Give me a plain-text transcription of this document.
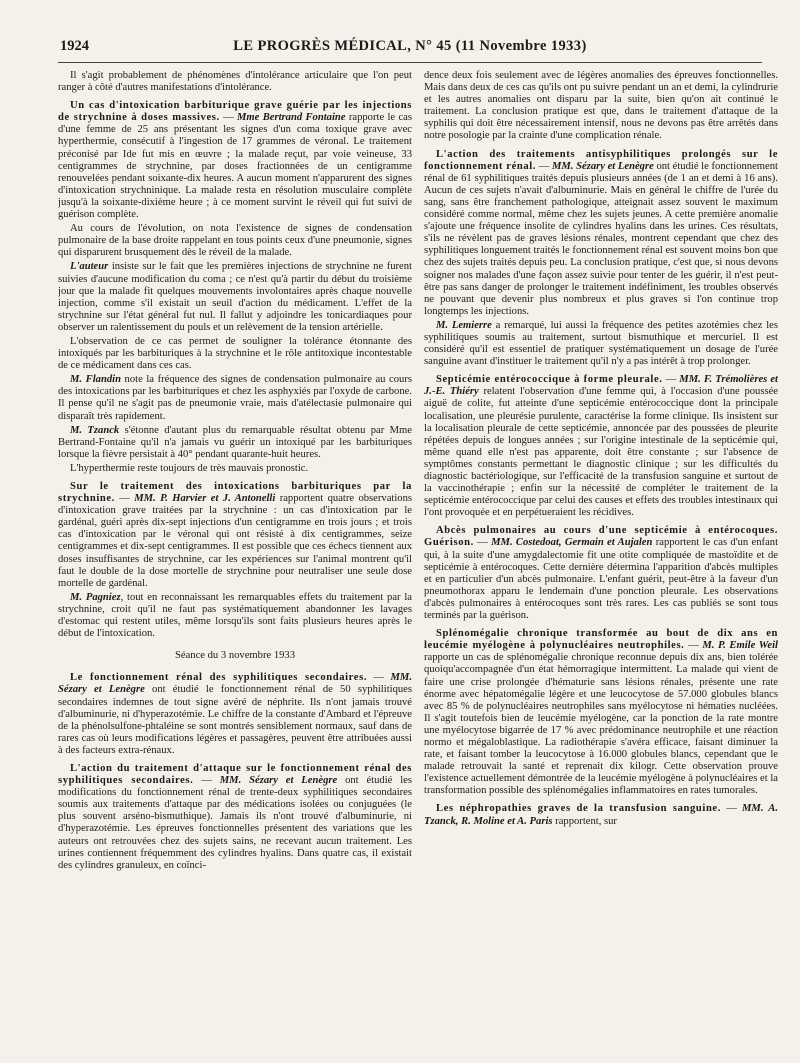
1924	LE PROGRÈS MÉDICAL, N° 45 (11 Novembre 1933)

Il s'agit probablement de phénomènes d'intolérance articulaire que l'on peut ranger à côté d'autres manifestations d'intolérance.

Un cas d'intoxication barbiturique grave guérie par les injections de strychnine à doses massives. — Mme Bertrand Fontaine rapporte le cas d'une femme de 25 ans présentant les signes d'un coma toxique grave avec hyperthermie, consécutif à l'ingestion de 17 grammes de véronal. Le traitement préconisé par Ide fut mis en œuvre ; la malade reçut, par voie veineuse, 33 centigrammes de strychnine, par doses fractionnées de un centigramme renouvelées pendant soixante-dix heures. A aucun moment n'apparurent des signes d'intoxication strychninique. La malade resta en résolution musculaire complète jusqu'à la soixante-dixième heure ; à ce moment survint le réveil qui fut suivi de guérison complète.

Au cours de l'évolution, on nota l'existence de signes de condensation pulmonaire de la base droite rappelant en tous points ceux d'une pneumonie, signes qui disparurent brusquement dès le réveil de la malade.

L'auteur insiste sur le fait que les premières injections de strychnine ne furent suivies d'aucune modification du coma ; ce n'est qu'à partir du début du troisième jour que la malade fit quelques mouvements involontaires après chaque nouvelle injection, comme s'il existait un seuil d'action du médicament. L'effet de la strychnine sur l'état général fut nul. Il fallut y adjoindre les tonicardiaques pour observer un ralentissement du pouls et un relèvement de la tension artérielle.

L'observation de ce cas permet de souligner la tolérance étonnante des intoxiqués par les barbituriques à la strychnine et le rôle antitoxique incontestable de ce médicament dans ces cas.

M. Flandin note la fréquence des signes de condensation pulmonaire au cours des intoxications par les barbituriques et chez les asphyxiés par l'oxyde de carbone. Il pense qu'il ne s'agit pas de pneumonie vraie, mais d'atélectasie pulmonaire qui disparaît très rapidement.

M. Tzanck s'étonne d'autant plus du remarquable résultat obtenu par Mme Bertrand-Fontaine qu'il n'a jamais vu guérir un intoxiqué par les barbituriques lorsque la fièvre persistait à 40° pendant quarante-huit heures.

L'hyperthermie reste toujours de très mauvais pronostic.

Sur le traitement des intoxications barbituriques par la strychnine. — MM. P. Harvier et J. Antonelli rapportent quatre observations d'intoxication grave traitées par la strychnine : un cas d'intoxication par le gardénal, guéri après dix-sept injections d'un centigramme en trois jours ; et trois cas d'intoxication par le véronal qui ont résisté à dix centigrammes, seize centigrammes et dix-sept centigrammes. Il est possible que ces échecs tiennent aux doses insuffisantes de strychnine, car les expériences sur l'animal montrent qu'il faut le double de la dose mortelle de strychnine pour neutraliser une seule dose mortelle de gardénal.

M. Pagniez, tout en reconnaissant les remarquables effets du traitement par la strychnine, croit qu'il ne faut pas systématiquement abandonner les lavages d'estomac qui restent utiles, même lorsqu'ils sont faits plusieurs heures après le début de l'intoxication.

Séance du 3 novembre 1933

Le fonctionnement rénal des syphilitiques secondaires. — MM. Sézary et Lenègre ont étudié le fonctionnement rénal de 50 syphilitiques secondaires indemnes de tout signe avéré de néphrite. Ils n'ont jamais trouvé d'albuminurie, ni d'hyperazotémie. Le chiffre de la constante d'Ambard et l'épreuve de la phénolsulfone-phtaléine se sont montrés sensiblement normaux, sauf dans de rares cas où leurs modifications légères et passagères, peuvent être attribuées aussi à des facteurs extra-rénaux.

L'action du traitement d'attaque sur le fonctionnement rénal des syphilitiques secondaires. — MM. Sézary et Lenègre ont étudié les modifications du fonctionnement rénal de trente-deux syphilitiques secondaires soumis aux traitements d'attaque par des médications isolées ou conjuguées (le plus souvent arséno-bismuthique). Jamais ils n'ont trouvé d'albuminurie, ni d'hyperazotémie. Les épreuves fonctionnelles présentent des variations que les auteurs ont retrouvées chez des sujets sains, ne recevant aucun traitement. Les urines contiennent fréquemment des cylindres hyalins. Dans quatre cas, il existait des cylindres granuleux, en coïnci-

dence deux fois seulement avec de légères anomalies des épreuves fonctionnelles. Mais dans deux de ces cas qu'ils ont pu suivre pendant un an et demi, la cylindrurie et les autres anomalies ont disparu par la suite, bien qu'on ait continué le traitement. La conclusion pratique est que, dans le traitement d'attaque de la syphilis qui doit être nécessairement intensif, nous ne devons pas être arrêtés dans notre posologie par la crainte d'une complication rénale.

L'action des traitements antisyphilitiques prolongés sur le fonctionnement rénal. — MM. Sézary et Lenègre ont étudié le fonctionnement rénal de 61 syphilitiques traités depuis plusieurs années (de 1 an et demi à 16 ans). Aucun de ces sujets n'avait d'albuminurie. Mais en général le chiffre de l'urée du sang, sans être franchement pathologique, atteignait assez souvent le maximum considéré comme normal, même chez les sujets jeunes. A cette première anomalie s'ajoute une fréquence insolite de cylindres hyalins dans les urines. Ces résultats, s'ils ne révèlent pas de graves lésions rénales, montrent cependant que chez des syphilitiques longuement traités le fonctionnement rénal est souvent moins bon que chez des sujets traités depuis peu. La conclusion pratique, c'est que, si nous devons soigner nos malades d'une façon assez suivie pour tenter de les guérir, il n'est peut-être pas sans danger de prolonger le traitement indéfiniment, les troubles observés ne pouvant que devenir plus nombreux et plus graves si l'on continue trop longtemps les injections.

M. Lemierre a remarqué, lui aussi la fréquence des petites azotémies chez les syphilitiques soumis au traitement, surtout bismuthique et mercuriel. Il est considéré qu'il est essentiel de pratiquer systématiquement un dosage de l'urée sanguine avant d'instituer le traitement qu'il n'y a pas intérêt à trop prolonger.

Septicémie entérococcique à forme pleurale. — MM. F. Trémolières et J.-E. Thiéry relatent l'observation d'une femme qui, à l'occasion d'une poussée aiguë de colite, fut atteinte d'une septicémie entérococcique dont la principale localisation, une pleurésie purulente, caractérise la forme clinique. Ils insistent sur la localisation pleurale de cette septicémie, annoncée par des poussées de pleurite répétées depuis de longues années ; sur l'origine intestinale de la septicémie qui, même quand elle n'est pas apparente, doit être constante ; sur l'absence de symptômes constants permettant le diagnostic clinique ; sur les difficultés du diagnostic bactériologique, sur l'efficacité de la transfusion sanguine et surtout de la vaccinothérapie ; enfin sur la nécessité de compléter le traitement de la septicémie entérococcique par celui des causes et effets des troubles intestinaux qui l'ont provoquée et en perpétueraient les récidives.

Abcès pulmonaires au cours d'une septicémie à entérocoques. Guérison. — MM. Costedoat, Germain et Aujalen rapportent le cas d'un enfant qui, à la suite d'une amygdalectomie fit une otite compliquée de mastoïdite et de septicémie à entérocoques. Cette dernière détermina l'apparition d'abcès multiples et en particulier d'un abcès pulmonaire. L'enfant guérit, peut-être à la faveur d'un pneumothorax apparu le lendemain d'une ponction pleurale. Les observations d'abcès pulmonaires à entérocoques sont très rares. Les cas publiés se sont tous terminés par la guérison.

Splénomégalie chronique transformée au bout de dix ans en leucémie myélogène à polynucléaires neutrophiles. — M. P. Emile Weil rapporte un cas de splénomégalie chronique reconnue depuis dix ans, bien tolérée quoiqu'accompagnée d'un état hémorragique intermittent. La malade qui vient de faire une crise prolongée d'hématurie sans lésions rénales, présente une rate énorme avec hépatomégalie légère et une leucocytose de 57.000 globules blancs avec 85 % de polynucléaires neutrophiles sans myélocytose ni hématies nucléées. Il s'agit toutefois bien de leucémie myélogène, car la ponction de la rate montre une myélocytose bigarrée de 17 % avec prédominance neutrophile et une réaction normo et mégaloblastique. La radiothérapie s'avéra efficace, faisant diminuer la rate, et faisant tomber la leucocytose à 16.000 globules blancs, cependant que le malade retrouvait la santé et reprenait dix kilogr. Cette observation prouve l'existence actuellement démontrée de la leucémie myélogène à polynucléaires et la transformation possible des splénomégalies inflammatoires en rates tumorales.

Les néphropathies graves de la transfusion sanguine. — MM. A. Tzanck, R. Moline et A. Paris rapportent, sur
